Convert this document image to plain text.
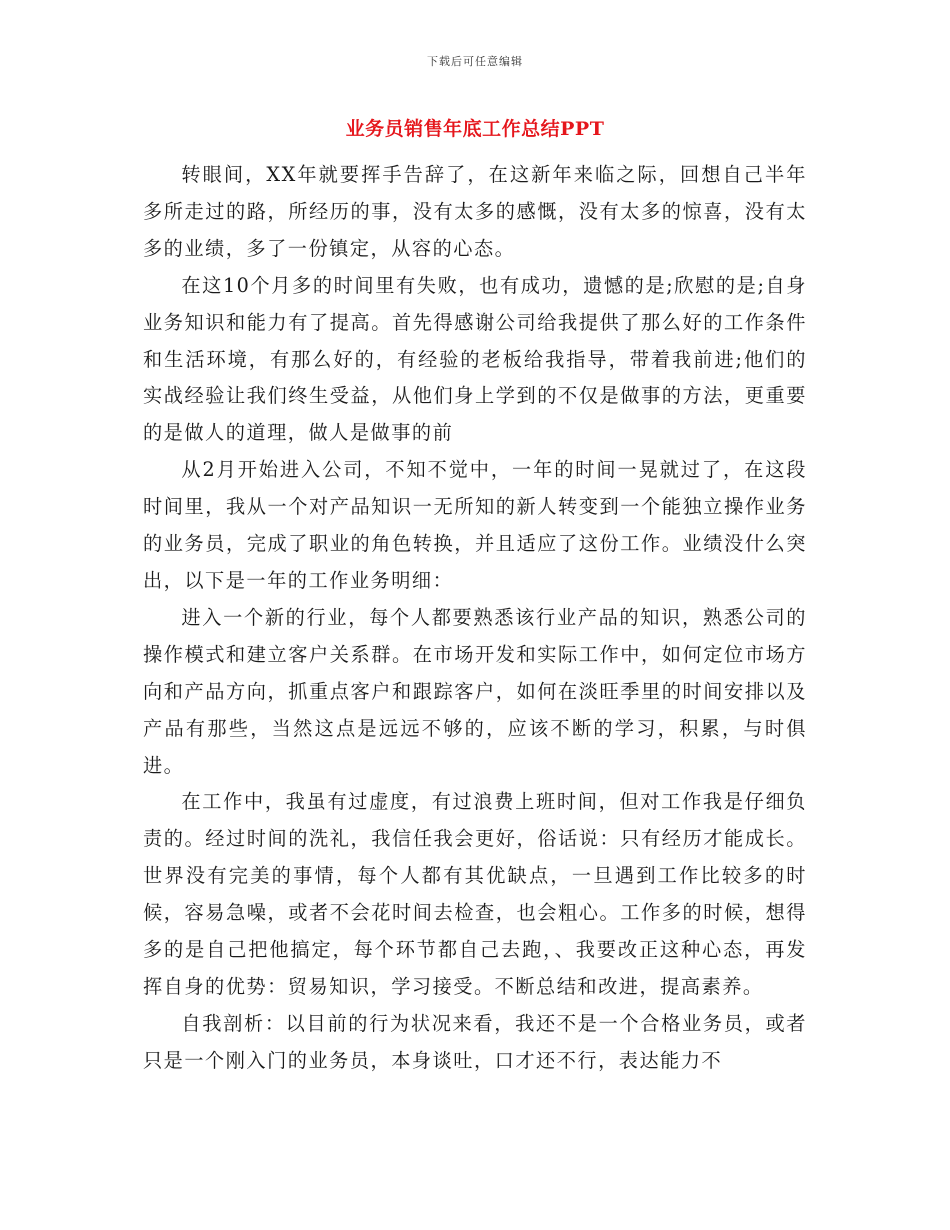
下载后可任意编辑
业务员销售年底工作总结PPT

转眼间，XX年就要挥手告辞了，在这新年来临之际，回想自己半年多所走过的路，所经历的事，没有太多的感慨，没有太多的惊喜，没有太多的业绩，多了一份镇定，从容的心态。

在这10个月多的时间里有失败，也有成功，遗憾的是;欣慰的是;自身业务知识和能力有了提高。首先得感谢公司给我提供了那么好的工作条件和生活环境，有那么好的，有经验的老板给我指导，带着我前进;他们的实战经验让我们终生受益，从他们身上学到的不仅是做事的方法，更重要的是做人的道理，做人是做事的前

从2月开始进入公司，不知不觉中，一年的时间一晃就过了，在这段时间里，我从一个对产品知识一无所知的新人转变到一个能独立操作业务的业务员，完成了职业的角色转换，并且适应了这份工作。业绩没什么突出，以下是一年的工作业务明细：

进入一个新的行业，每个人都要熟悉该行业产品的知识，熟悉公司的操作模式和建立客户关系群。在市场开发和实际工作中，如何定位市场方向和产品方向，抓重点客户和跟踪客户，如何在淡旺季里的时间安排以及产品有那些，当然这点是远远不够的，应该不断的学习，积累，与时俱进。

在工作中，我虽有过虚度，有过浪费上班时间，但对工作我是仔细负责的。经过时间的洗礼，我信任我会更好，俗话说：只有经历才能成长。世界没有完美的事情，每个人都有其优缺点，一旦遇到工作比较多的时候，容易急噪，或者不会花时间去检查，也会粗心。工作多的时候，想得多的是自己把他搞定，每个环节都自己去跑，、我要改正这种心态，再发挥自身的优势：贸易知识，学习接受。不断总结和改进，提高素养。

自我剖析：以目前的行为状况来看，我还不是一个合格业务员，或者只是一个刚入门的业务员，本身谈吐，口才还不行，表达能力不
